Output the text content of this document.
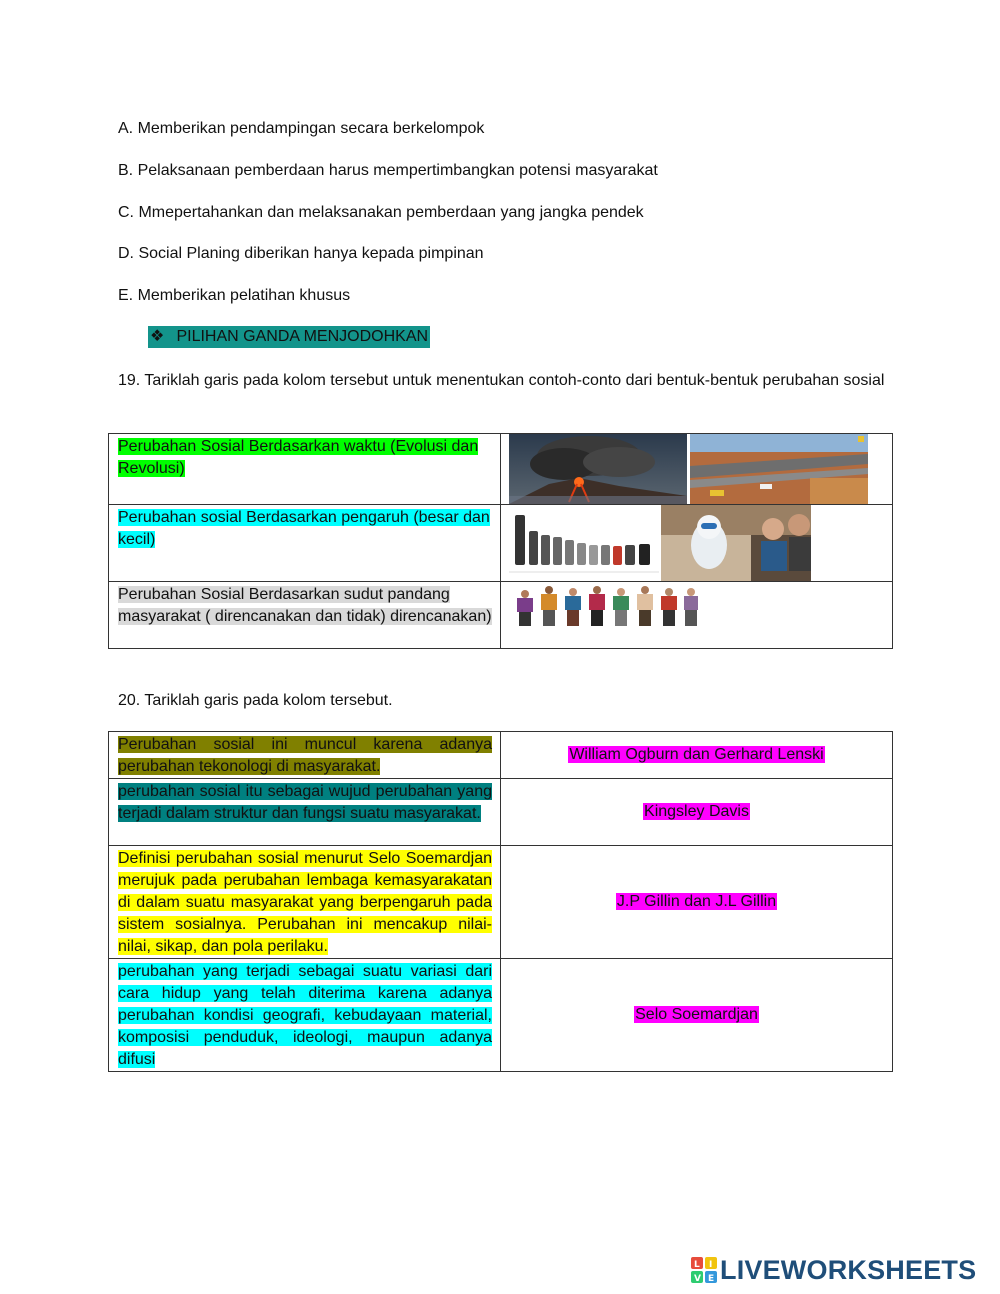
A. Memberikan pendampingan secara berkelompok
B. Pelaksanaan pemberdaan harus mempertimbangkan potensi masyarakat
C. Mmepertahankan dan melaksanakan pemberdaan yang jangka pendek
D. Social Planing diberikan hanya kepada pimpinan
E. Memberikan pelatihan khusus
❖ PILIHAN GANDA MENJODOHKAN
19. Tariklah garis pada kolom tersebut untuk menentukan contoh-conto dari bentuk-bentuk perubahan sosial
Perubahan Sosial Berdasarkan waktu (Evolusi dan Revolusi)	

Perubahan sosial Berdasarkan pengaruh (besar dan kecil)	

Perubahan Sosial Berdasarkan sudut pandang masyarakat ( direncanakan dan tidak) direncanakan)	
20. Tariklah garis pada kolom tersebut.
Perubahan sosial ini muncul karena adanya perubahan tekonologi di masyarakat.	William Ogburn dan Gerhard Lenski
perubahan sosial itu sebagai wujud perubahan yang terjadi dalam struktur dan fungsi suatu masyarakat.	Kingsley Davis
Definisi perubahan sosial menurut Selo Soemardjan merujuk pada perubahan lembaga kemasyarakatan di dalam suatu masyarakat yang berpengaruh pada sistem sosialnya. Perubahan ini mencakup nilai-nilai, sikap, dan pola perilaku.	J.P Gillin dan J.L Gillin
perubahan yang terjadi sebagai suatu variasi dari cara hidup yang telah diterima karena adanya perubahan kondisi geografi, kebudayaan material, komposisi penduduk, ideologi, maupun adanya difusi	Selo Soemardjan
L I
V E LIVEWORKSHEETS
